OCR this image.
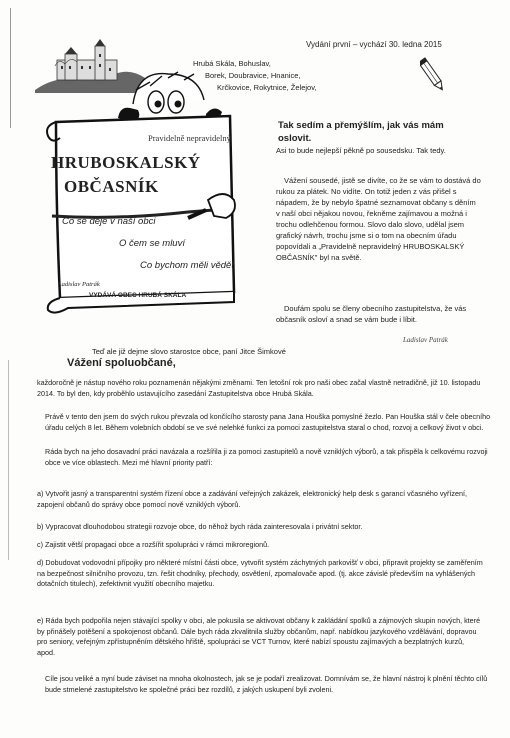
Vydání první – vychází 30. ledna 2015
Hrubá Skála, Bohuslav,
Borek, Doubravice, Hnanice,
Krčkovice, Rokytnice, Želejov,
Pravidelně nepravidelný
HRUBOSKALSKÝ
OBČASNÍK
Co se děje v naší obci
O čem se mluví
Co bychom měli vědět
Ladislav Patrák
VYDÁVÁ OBEC HRUBÁ SKÁLA
Tak sedím a přemýšlím, jak vás mám oslovit.
Asi to bude nejlepší pěkně po sousedsku. Tak tedy.
Vážení sousedé, jistě se divíte, co že se vám to dostává do rukou za plátek. No vidíte. On totiž jeden z vás přišel s nápadem, že by nebylo špatné seznamovat občany s děním v naší obci nějakou novou, řekněme zajímavou a možná i trochu odlehčenou formou. Slovo dalo slovo, udělal jsem grafický návrh, trochu jsme si o tom na obecním úřadu popovídali a „Pravidelně nepravidelný HRUBOSKALSKÝ OBČASNÍK" byl na světě.
Doufám spolu se členy obecního zastupitelstva, že vás občasník osloví a snad se vám bude i líbit.
Ladislav Patrák
Teď ale již dejme slovo starostce obce, paní Jitce Šimkové
Vážení spoluobčané,
každoročně je nástup nového roku poznamenán nějakými změnami. Ten letošní rok pro naši obec začal vlastně netradičně, již 10. listopadu 2014. To byl den, kdy proběhlo ustavujícího zasedání Zastupitelstva obce Hrubá Skála.
Právě v tento den jsem do svých rukou převzala od končícího starosty pana Jana Houška pomyslné žezlo. Pan Houška stál v čele obecního úřadu celých 8 let. Během volebních období se ve své nelehké funkci za pomoci zastupitelstva staral o chod, rozvoj a celkový život v obci.
Ráda bych na jeho dosavadní práci navázala a rozšířila ji za pomoci zastupitelů a nově vzniklých výborů, a tak přispěla k celkovému rozvoji obce ve více oblastech. Mezi mé hlavní priority patří:
a) Vytvořit jasný a transparentní systém řízení obce a zadávání veřejných zakázek, elektronický help desk s garancí včasného vyřízení, zapojení občanů do správy obce pomocí nově vzniklých výborů.
b) Vypracovat dlouhodobou strategii rozvoje obce, do něhož bych ráda zainteresovala i privátní sektor.
c) Zajistit větší propagaci obce a rozšířit spolupráci v rámci mikroregionů.
d) Dobudovat vodovodní přípojky pro některé místní části obce, vytvořit systém záchytných parkovišť v obci, připravit projekty se zaměřením na bezpečnost silničního provozu, tzn. řešit chodníky, přechody, osvětlení, zpomalovače apod. (tj. akce závislé především na vyhlášených dotačních titulech), zefektivnit využití obecního majetku.
e) Ráda bych podpořila nejen stávající spolky v obci, ale pokusila se aktivovat občany k zakládání spolků a zájmových skupin nových, které by přinášely potěšení a spokojenost občanů. Dále bych ráda zkvalitnila služby občanům, např. nabídkou jazykového vzdělávání, dopravou pro seniory, veřejným zpřístupněním dětského hřiště, spolupráci se VCT Turnov, které nabízí spoustu zajímavých a bezplatných kurzů, apod.
Cíle jsou veliké a nyní bude záviset na mnoha okolnostech, jak se je podaří zrealizovat. Domnívám se, že hlavní nástroj k plnění těchto cílů bude stmelené zastupitelstvo ke společné práci bez rozdílů, z jakých uskupení byli zvoleni.
